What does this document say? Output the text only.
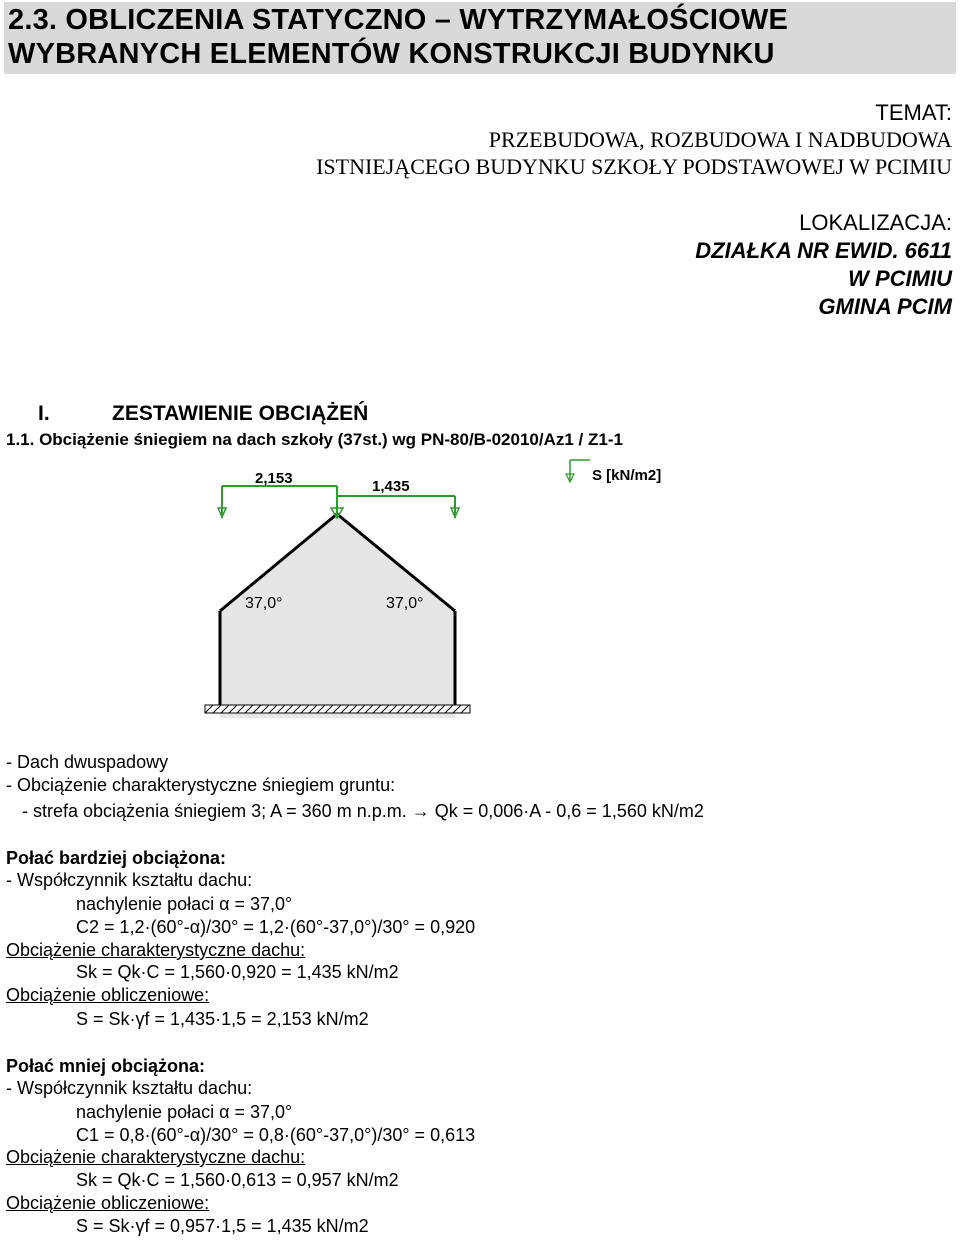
2.3. OBLICZENIA STATYCZNO – WYTRZYMAŁOŚCIOWE
WYBRANYCH ELEMENTÓW KONSTRUKCJI BUDYNKU
TEMAT:
PRZEBUDOWA, ROZBUDOWA I NADBUDOWA
ISTNIEJĄCEGO BUDYNKU SZKOŁY PODSTAWOWEJ W PCIMIU
LOKALIZACJA:
DZIAŁKA NR EWID. 6611
W PCIMIU
GMINA PCIM
I.	ZESTAWIENIE OBCIĄŻEŃ
1.1. Obciążenie śniegiem na dach szkoły (37st.) wg PN-80/B-02010/Az1 / Z1-1
2,153	1,435
37,0°	37,0°
S [kN/m2]
- Dach dwuspadowy
- Obciążenie charakterystyczne śniegiem gruntu:
- strefa obciążenia śniegiem 3; A = 360 m n.p.m. → Qk = 0,006·A - 0,6 = 1,560 kN/m2
Połać bardziej obciążona:
- Współczynnik kształtu dachu:
nachylenie połaci α = 37,0°
C2 = 1,2·(60°-α)/30° = 1,2·(60°-37,0°)/30° = 0,920
Obciążenie charakterystyczne dachu:
Sk = Qk·C = 1,560·0,920 = 1,435 kN/m2
Obciążenie obliczeniowe:
S = Sk·γf = 1,435·1,5 = 2,153 kN/m2
Połać mniej obciążona:
- Współczynnik kształtu dachu:
nachylenie połaci α = 37,0°
C1 = 0,8·(60°-α)/30° = 0,8·(60°-37,0°)/30° = 0,613
Obciążenie charakterystyczne dachu:
Sk = Qk·C = 1,560·0,613 = 0,957 kN/m2
Obciążenie obliczeniowe:
S = Sk·γf = 0,957·1,5 = 1,435 kN/m2
